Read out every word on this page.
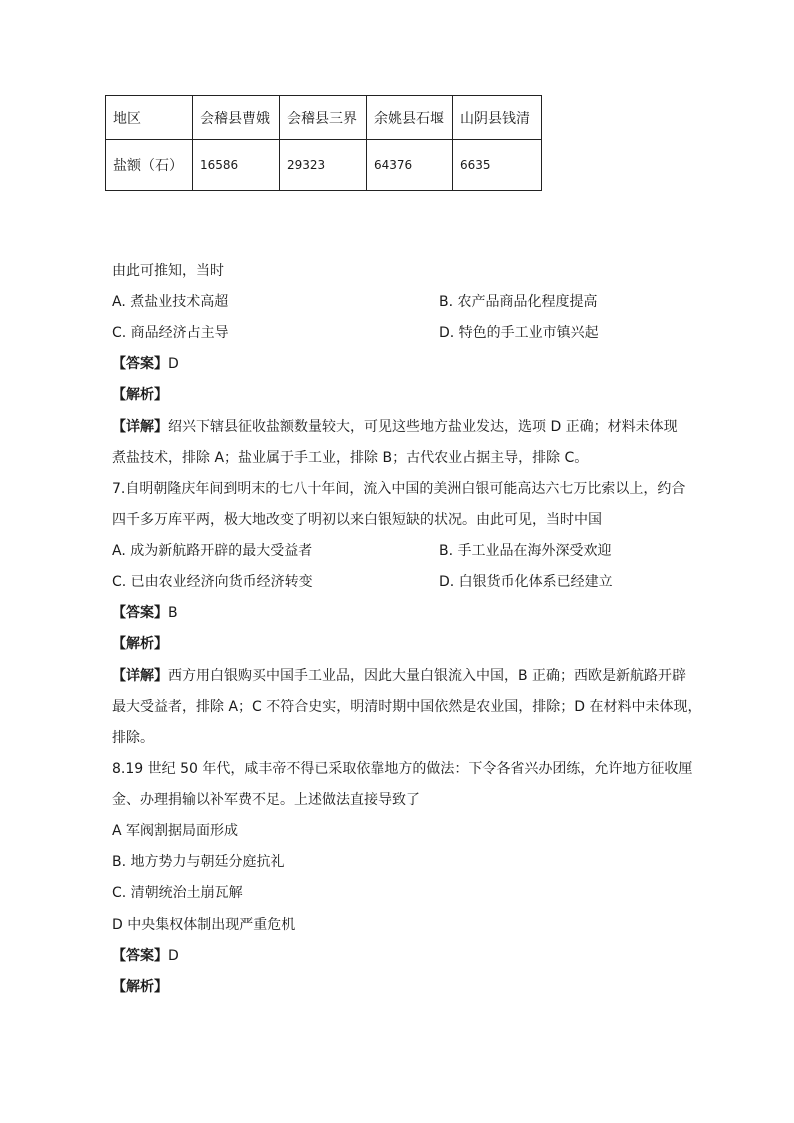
地区	会稽县曹娥	会稽县三界	余姚县石堰	山阴县钱清
盐额（石）	16586	29323	64376	6635
由此可推知，当时
A. 煮盐业技术高超	B. 农产品商品化程度提高
C. 商品经济占主导	D. 特色的手工业市镇兴起
【答案】D
【解析】
【详解】绍兴下辖县征收盐额数量较大，可见这些地方盐业发达，选项 D 正确；材料未体现
煮盐技术，排除 A；盐业属于手工业，排除 B；古代农业占据主导，排除 C。
7.自明朝隆庆年间到明末的七八十年间，流入中国的美洲白银可能高达六七万比索以上，约合
四千多万库平两，极大地改变了明初以来白银短缺的状况。由此可见，当时中国
A. 成为新航路开辟的最大受益者	B. 手工业品在海外深受欢迎
C. 已由农业经济向货币经济转变	D. 白银货币化体系已经建立
【答案】B
【解析】
【详解】西方用白银购买中国手工业品，因此大量白银流入中国，B 正确；西欧是新航路开辟
最大受益者，排除 A；C 不符合史实，明清时期中国依然是农业国，排除；D 在材料中未体现，
排除。
8.19 世纪 50 年代，咸丰帝不得已采取依靠地方的做法：下令各省兴办团练，允许地方征收厘
金、办理捐输以补军费不足。上述做法直接导致了
A 军阀割据局面形成
B. 地方势力与朝廷分庭抗礼
C. 清朝统治土崩瓦解
D 中央集权体制出现严重危机
【答案】D
【解析】
